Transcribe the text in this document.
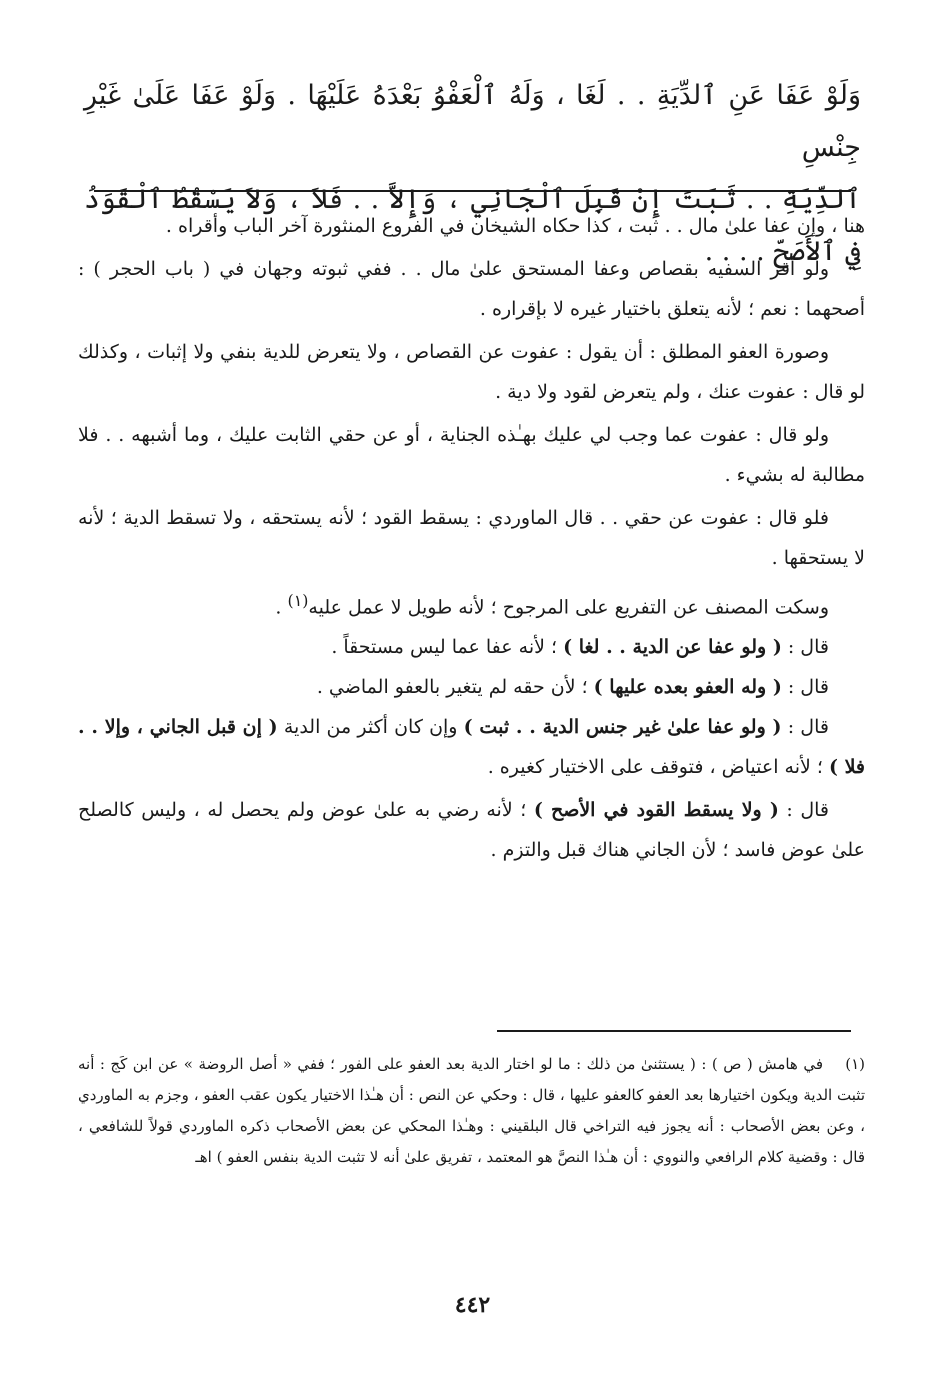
وَلَوْ عَفَا عَنِ ٱلدِّيَةِ . . لَغَا ، وَلَهُ ٱلْعَفْوُ بَعْدَهُ عَلَيْهَا . وَلَوْ عَفَا عَلَىٰ غَيْرِ جِنْسِ

ٱلدِّيَةِ . . ثَبَتَ إِنْ قَبِلَ ٱلْجَانِي ، وَإِلاَّ . . فَلاَ ، وَلاَ يَسْقُطُ ٱلْقَوَدُ فِي ٱلأَصَحِّ . . . .

هنا ، وإن عفا علىٰ مال . . ثبت ، كذا حكاه الشيخان في الفروع المنثورة آخر الباب وأقراه .

ولو أقر السفيه بقصاص وعفا المستحق علىٰ مال . . ففي ثبوته وجهان في ( باب الحجر ) : أصحهما : نعم ؛ لأنه يتعلق باختيار غيره لا بإقراره .

وصورة العفو المطلق : أن يقول : عفوت عن القصاص ، ولا يتعرض للدية بنفي ولا إثبات ، وكذلك لو قال : عفوت عنك ، ولم يتعرض لقود ولا دية .

ولو قال : عفوت عما وجب لي عليك بهـٰذه الجناية ، أو عن حقي الثابت عليك ، وما أشبهه . . فلا مطالبة له بشيء .

فلو قال : عفوت عن حقي . . قال الماوردي : يسقط القود ؛ لأنه يستحقه ، ولا تسقط الدية ؛ لأنه لا يستحقها .

وسكت المصنف عن التفريع على المرجوح ؛ لأنه طويل لا عمل عليه$^{(١)}$ .

قال : ( ولو عفا عن الدية . . لغا ) ؛ لأنه عفا عما ليس مستحقاً .

قال : ( وله العفو بعده عليها ) ؛ لأن حقه لم يتغير بالعفو الماضي .

قال : ( ولو عفا علىٰ غير جنس الدية . . ثبت ) وإن كان أكثر من الدية ( إن قبل الجاني ، وإلا . . فلا ) ؛ لأنه اعتياض ، فتوقف على الاختيار كغيره .

قال : ( ولا يسقط القود في الأصح ) ؛ لأنه رضي به علىٰ عوض ولم يحصل له ، وليس كالصلح علىٰ عوض فاسد ؛ لأن الجاني هناك قبل والتزم .

(١)في هامش ( ص ) : ( يستثنىٰ من ذلك : ما لو اختار الدية بعد العفو على الفور ؛ ففي « أصل الروضة » عن ابن كَج : أنه تثبت الدية ويكون اختيارها بعد العفو كالعفو عليها ، قال : وحكي عن النص : أن هـٰذا الاختيار يكون عقب العفو ، وجزم به الماوردي ، وعن بعض الأصحاب : أنه يجوز فيه التراخي قال البلقيني : وهـٰذا المحكي عن بعض الأصحاب ذكره الماوردي قولاً للشافعي ، قال : وقضية كلام الرافعي والنووي : أن هـٰذا النصَّ هو المعتمد ، تفريق علىٰ أنه لا تثبت الدية بنفس العفو ) اهـ

٤٤٢
